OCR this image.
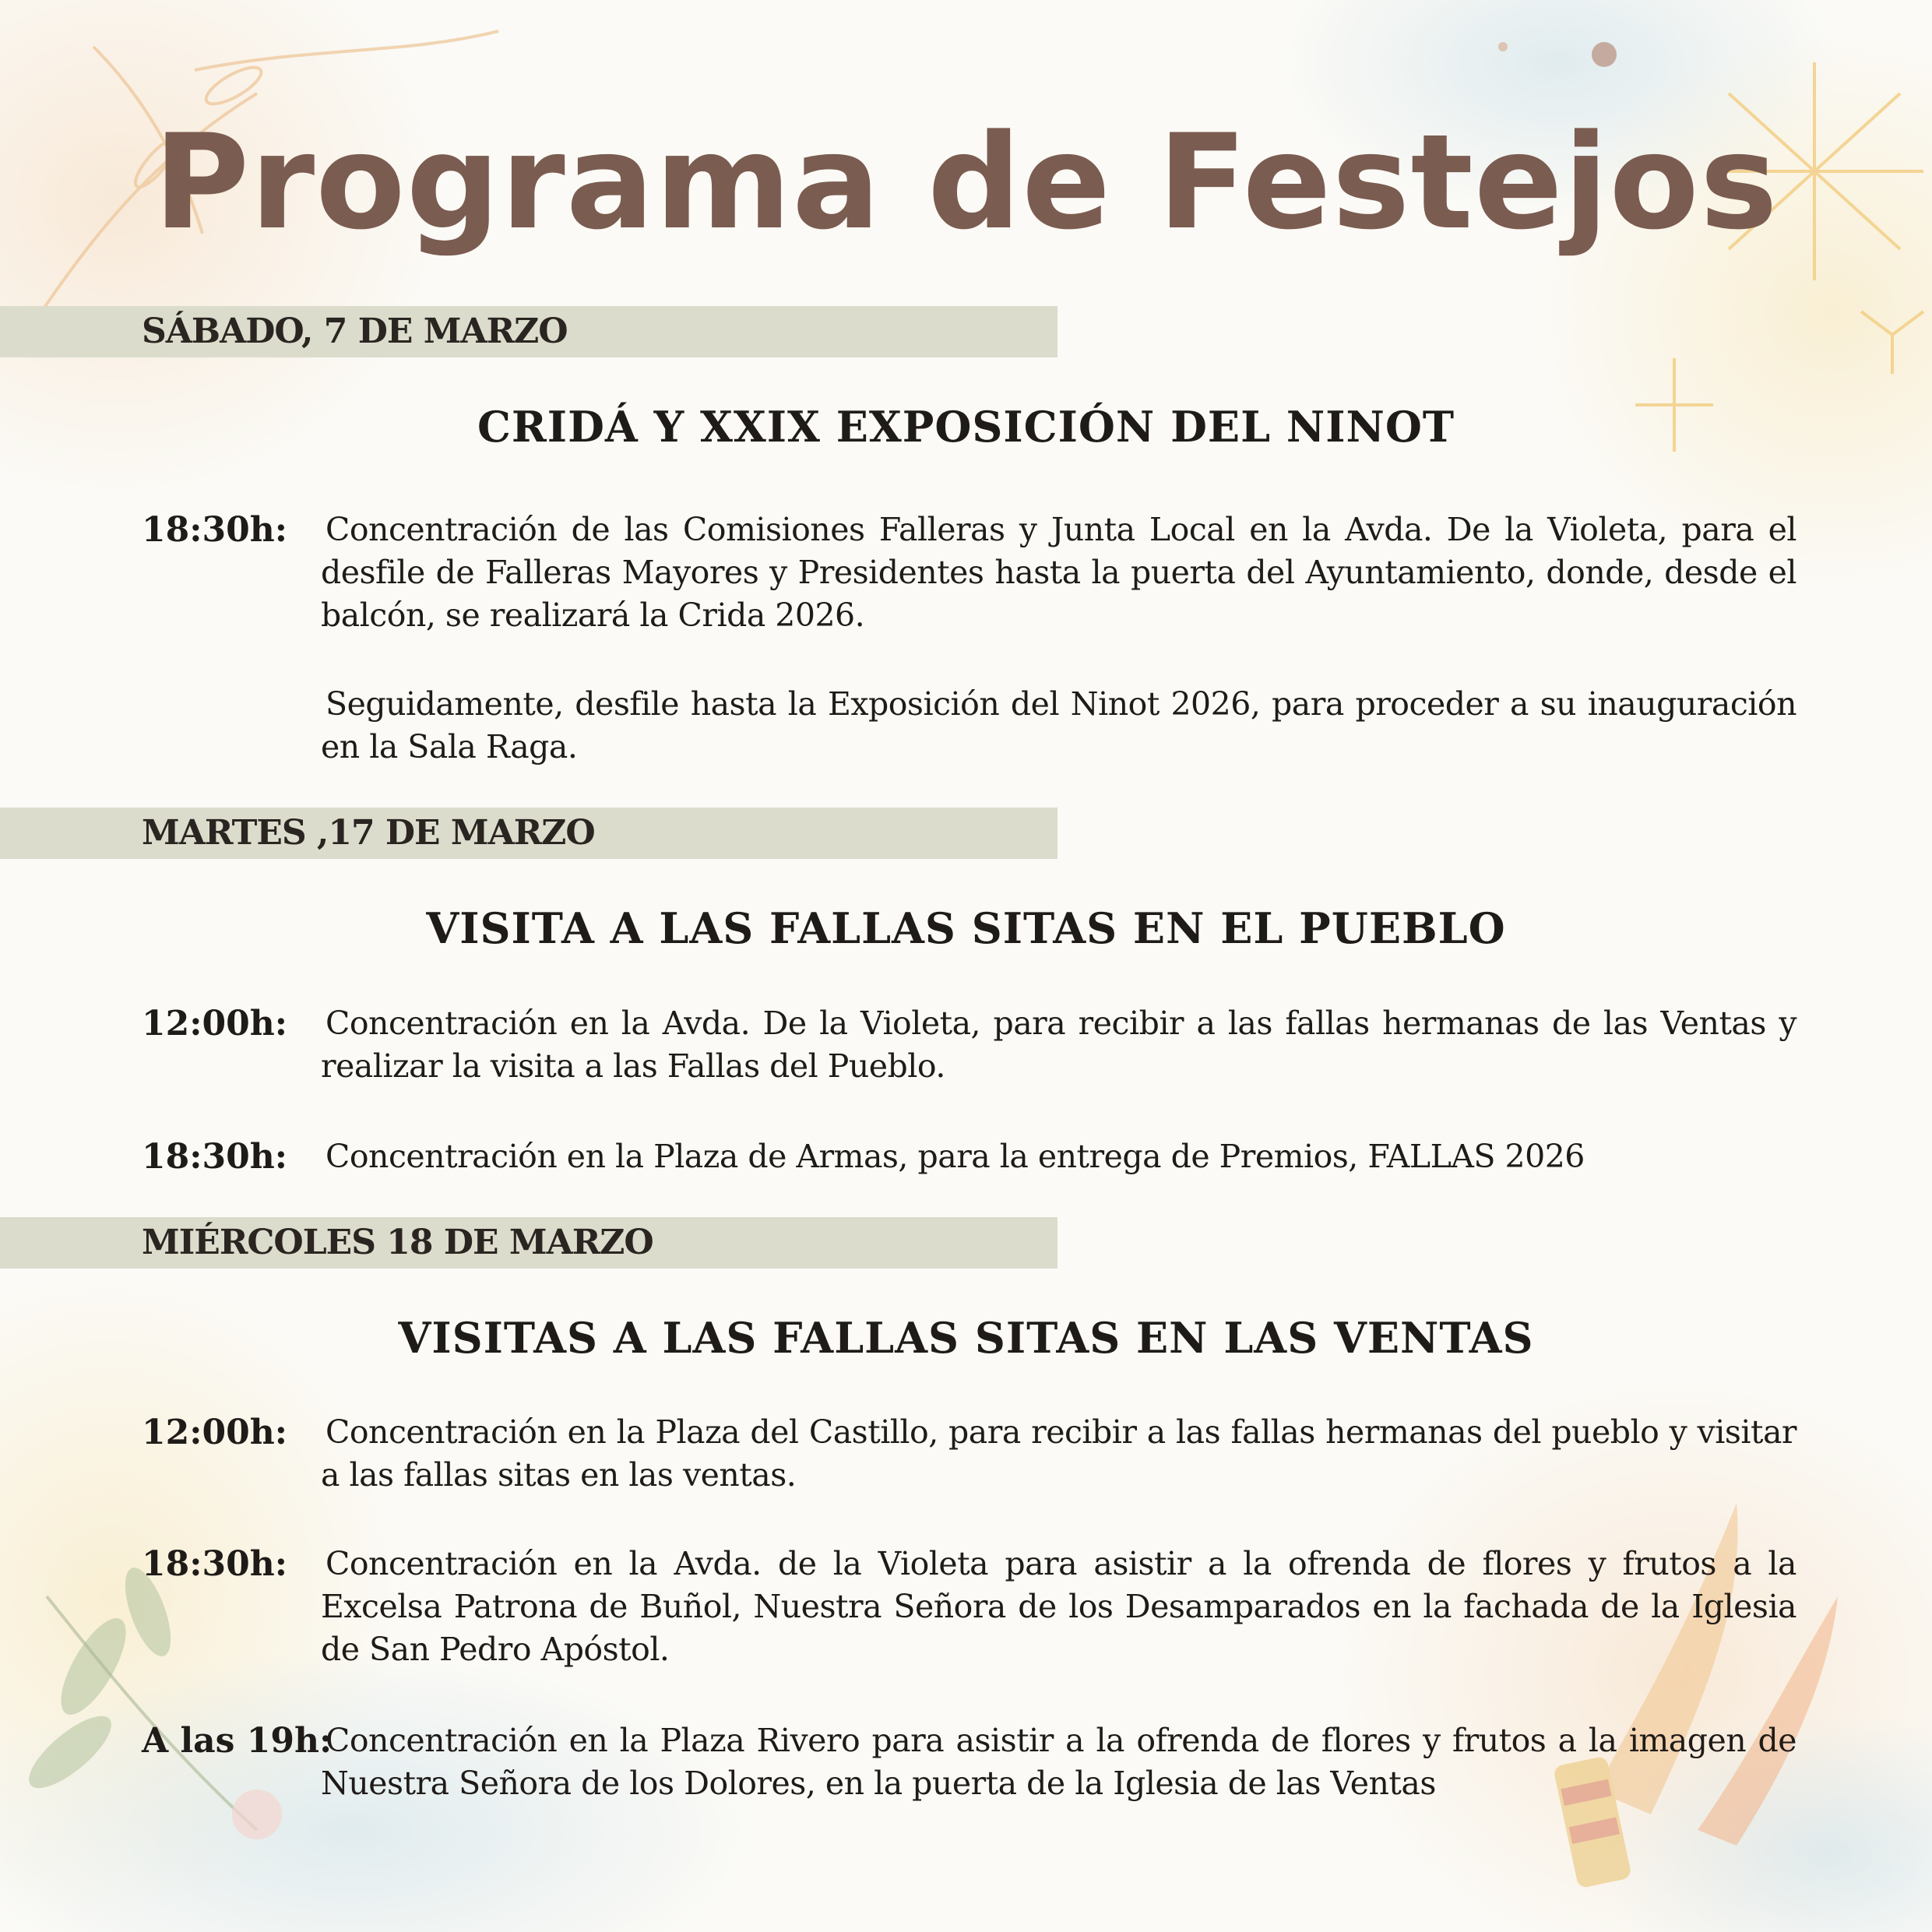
Programa de Festejos
SÁBADO, 7 DE MARZO
CRIDÁ Y XXIX EXPOSICIÓN DEL NINOT
18:30h: Concentración de las Comisiones Falleras y Junta Local en la Avda. De la Violeta, para el desfile de Falleras Mayores y Presidentes hasta la puerta del Ayuntamiento, donde, desde el balcón, se realizará la Crida 2026.
Seguidamente, desfile hasta la Exposición del Ninot 2026, para proceder a su inauguración en la Sala Raga.
MARTES ,17 DE MARZO
VISITA A LAS FALLAS SITAS EN EL PUEBLO
12:00h: Concentración en la Avda. De la Violeta, para recibir a las fallas hermanas de las Ventas y realizar la visita a las Fallas del Pueblo.
18:30h: Concentración en la Plaza de Armas, para la entrega de Premios, FALLAS 2026
MIÉRCOLES 18 DE MARZO
VISITAS A LAS FALLAS SITAS EN LAS VENTAS
12:00h: Concentración en la Plaza del Castillo, para recibir a las fallas hermanas del pueblo y visitar a las fallas sitas en las ventas.
18:30h: Concentración en la Avda. de la Violeta para asistir a la ofrenda de flores y frutos a la Excelsa Patrona de Buñol, Nuestra Señora de los Desamparados en la fachada de la Iglesia de San Pedro Apóstol.
A las 19h:
Concentración en la Plaza Rivero para asistir a la ofrenda de flores y frutos a la imagen de Nuestra Señora de los Dolores, en la puerta de la Iglesia de las Ventas
